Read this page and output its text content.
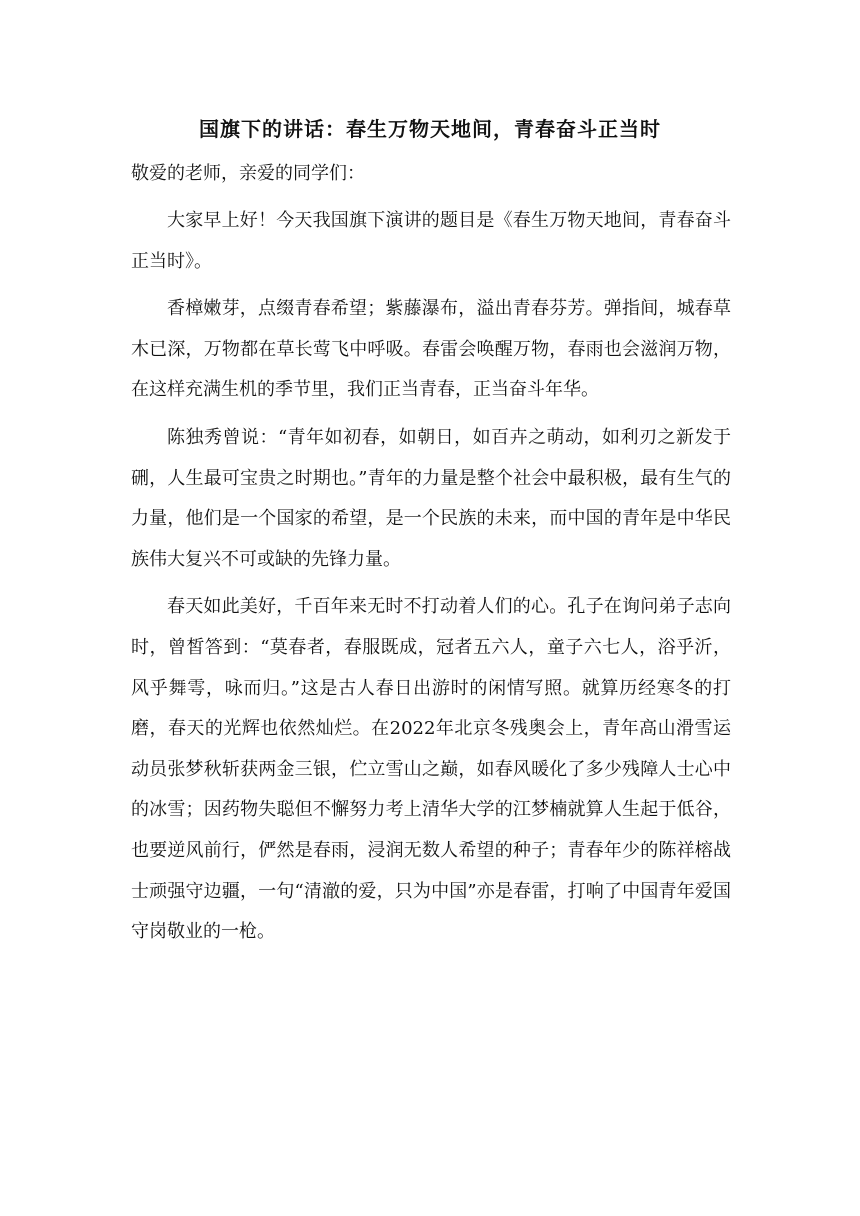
国旗下的讲话：春生万物天地间，青春奋斗正当时

敬爱的老师，亲爱的同学们：

大家早上好！今天我国旗下演讲的题目是《春生万物天地间，青春奋斗正当时》。

香樟嫩芽，点缀青春希望；紫藤瀑布，溢出青春芬芳。弹指间，城春草木已深，万物都在草长莺飞中呼吸。春雷会唤醒万物，春雨也会滋润万物，在这样充满生机的季节里，我们正当青春，正当奋斗年华。

陈独秀曾说：“青年如初春，如朝日，如百卉之萌动，如利刃之新发于硎，人生最可宝贵之时期也。”青年的力量是整个社会中最积极，最有生气的力量，他们是一个国家的希望，是一个民族的未来，而中国的青年是中华民族伟大复兴不可或缺的先锋力量。

春天如此美好，千百年来无时不打动着人们的心。孔子在询问弟子志向时，曾皙答到：“莫春者，春服既成，冠者五六人，童子六七人，浴乎沂，风乎舞雩，咏而归。”这是古人春日出游时的闲情写照。就算历经寒冬的打磨，春天的光辉也依然灿烂。在2022年北京冬残奥会上，青年高山滑雪运动员张梦秋斩获两金三银，伫立雪山之巅，如春风暖化了多少残障人士心中的冰雪；因药物失聪但不懈努力考上清华大学的江梦楠就算人生起于低谷，也要逆风前行，俨然是春雨，浸润无数人希望的种子；青春年少的陈祥榕战士顽强守边疆，一句“清澈的爱，只为中国”亦是春雷，打响了中国青年爱国守岗敬业的一枪。
